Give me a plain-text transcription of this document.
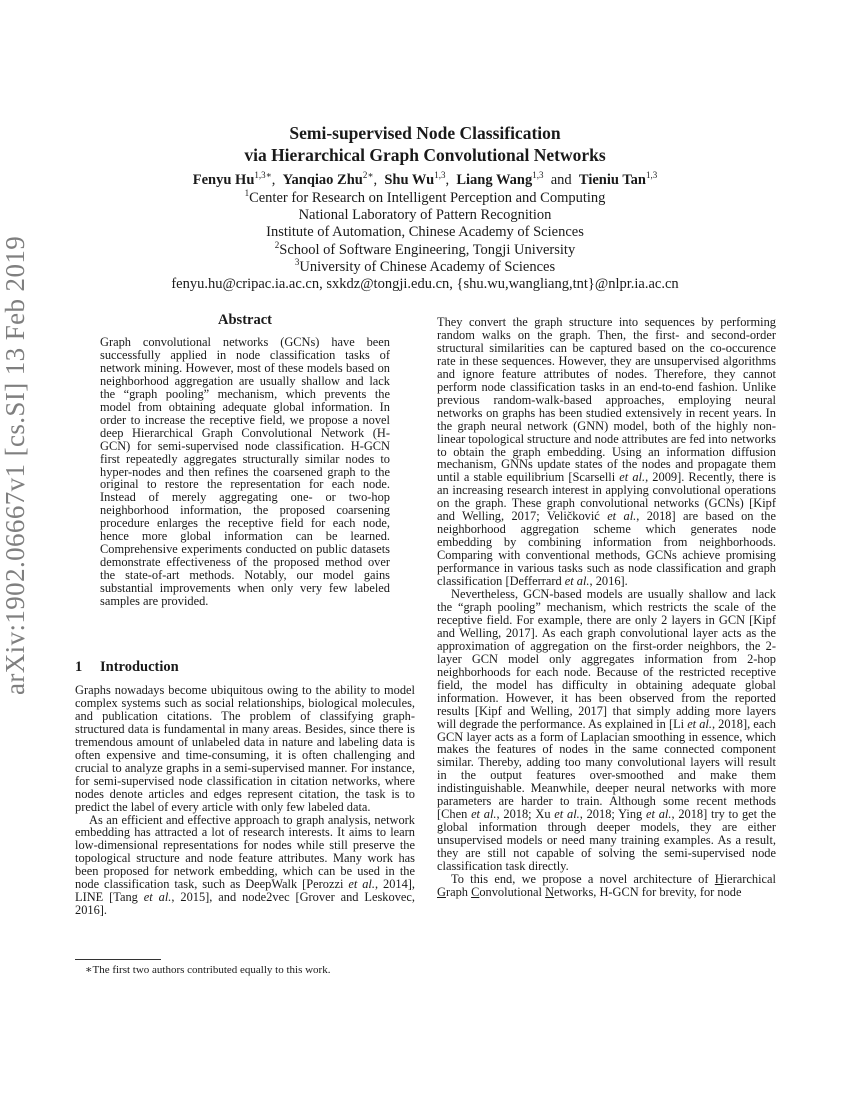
arXiv:1902.06667v1 [cs.SI] 13 Feb 2019
Semi-supervised Node Classification
via Hierarchical Graph Convolutional Networks
Fenyu $Hu^{1,3∗}$,  Yanqiao Zhu$^{2∗}$,  Shu Wu$^{1,3}$,  Liang Wang$^{1,3}$ and Tieniu Tan$^{1,3}$
$^1$Center for Research on Intelligent Perception and Computing
National Laboratory of Pattern Recognition
Institute of Automation, Chinese Academy of Sciences
$^2$School of Software Engineering, Tongji University
$^3$University of Chinese Academy of Sciences
fenyu.hu@cripac.ia.ac.cn, sxkdz@tongji.edu.cn, {shu.wu,wangliang,tnt}@nlpr.ia.ac.cn
Abstract

Graph convolutional networks (GCNs) have been successfully applied in node classification tasks of network mining. However, most of these models based on neighborhood aggregation are usually shallow and lack the “graph pooling” mechanism, which prevents the model from obtaining adequate global information. In order to increase the receptive field, we propose a novel deep Hierarchical Graph Convolutional Network (H-GCN) for semi-supervised node classification. H-GCN first repeatedly aggregates structurally similar nodes to hyper-nodes and then refines the coarsened graph to the original to restore the representation for each node. Instead of merely aggregating one- or two-hop neighborhood information, the proposed coarsening procedure enlarges the receptive field for each node, hence more global information can be learned. Comprehensive experiments conducted on public datasets demonstrate effectiveness of the proposed method over the state-of-art methods. Notably, our model gains substantial improvements when only very few labeled samples are provided.

1 Introduction

Graphs nowadays become ubiquitous owing to the ability to model complex systems such as social relationships, biological molecules, and publication citations. The problem of classifying graph-structured data is fundamental in many areas. Besides, since there is tremendous amount of unlabeled data in nature and labeling data is often expensive and time-consuming, it is often challenging and crucial to analyze graphs in a semi-supervised manner. For instance, for semi-supervised node classification in citation networks, where nodes denote articles and edges represent citation, the task is to predict the label of every article with only few labeled data.

As an efficient and effective approach to graph analysis, network embedding has attracted a lot of research interests. It aims to learn low-dimensional representations for nodes while still preserve the topological structure and node feature attributes. Many work has been proposed for network embedding, which can be used in the node classification task, such as DeepWalk [Perozzi et al., 2014], LINE [Tang et al., 2015], and node2vec [Grover and Leskovec, 2016].

∗The first two authors contributed equally to this work.

They convert the graph structure into sequences by performing random walks on the graph. Then, the first- and second-order structural similarities can be captured based on the co-occurence rate in these sequences. However, they are unsupervised algorithms and ignore feature attributes of nodes. Therefore, they cannot perform node classification tasks in an end-to-end fashion. Unlike previous random-walk-based approaches, employing neural networks on graphs has been studied extensively in recent years. In the graph neural network (GNN) model, both of the highly non-linear topological structure and node attributes are fed into networks to obtain the graph embedding. Using an information diffusion mechanism, GNNs update states of the nodes and propagate them until a stable equilibrium [Scarselli et al., 2009]. Recently, there is an increasing research interest in applying convolutional operations on the graph. These graph convolutional networks (GCNs) [Kipf and Welling, 2017; Veličković et al., 2018] are based on the neighborhood aggregation scheme which generates node embedding by combining information from neighborhoods. Comparing with conventional methods, GCNs achieve promising performance in various tasks such as node classification and graph classification [Defferrard et al., 2016].

Nevertheless, GCN-based models are usually shallow and lack the “graph pooling” mechanism, which restricts the scale of the receptive field. For example, there are only 2 layers in GCN [Kipf and Welling, 2017]. As each graph convolutional layer acts as the approximation of aggregation on the first-order neighbors, the 2-layer GCN model only aggregates information from 2-hop neighborhoods for each node. Because of the restricted receptive field, the model has difficulty in obtaining adequate global information. However, it has been observed from the reported results [Kipf and Welling, 2017] that simply adding more layers will degrade the performance. As explained in [Li et al., 2018], each GCN layer acts as a form of Laplacian smoothing in essence, which makes the features of nodes in the same connected component similar. Thereby, adding too many convolutional layers will result in the output features over-smoothed and make them indistinguishable. Meanwhile, deeper neural networks with more parameters are harder to train. Although some recent methods [Chen et al., 2018; Xu et al., 2018; Ying et al., 2018] try to get the global information through deeper models, they are either unsupervised models or need many training examples. As a result, they are still not capable of solving the semi-supervised node classification task directly.

To this end, we propose a novel architecture of Hierarchical Graph Convolutional Networks, H-GCN for brevity, for node
